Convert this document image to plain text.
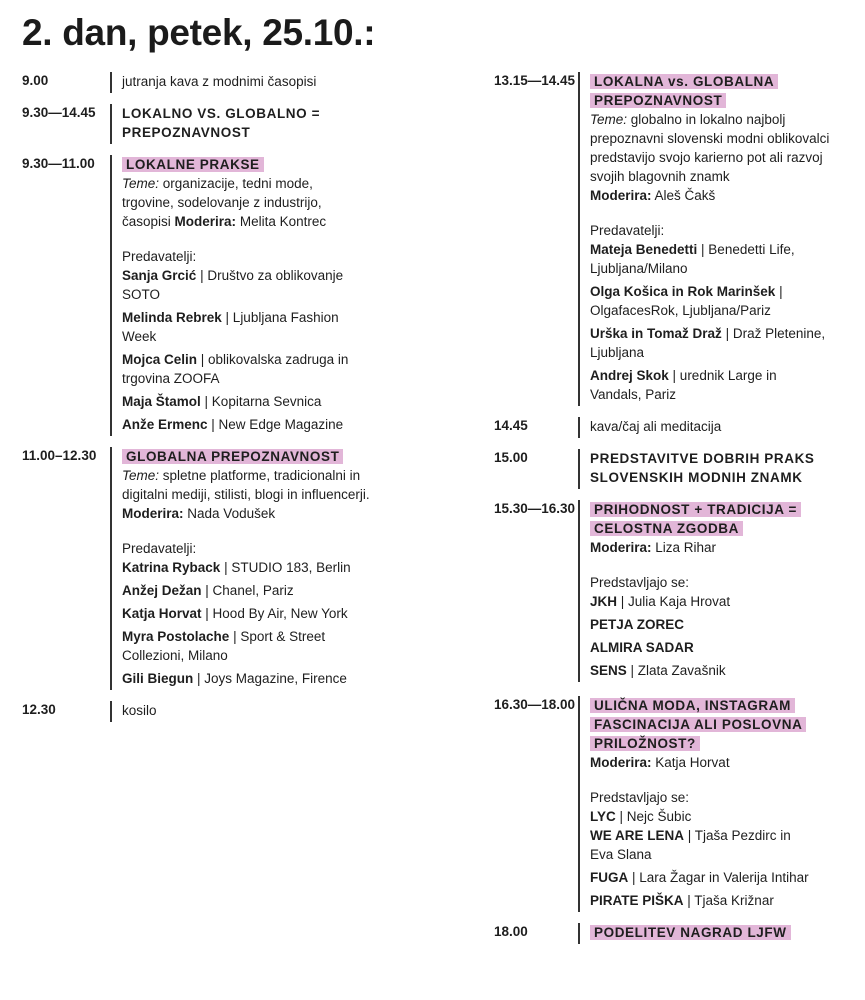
2. dan, petek, 25.10.:
9.00	jutranja kava z modnimi časopisi
9.30—14.45 LOKALNO VS. GLOBALNO = PREPOZNAVNOST
9.30—11.00	LOKALNE PRAKSE
Teme: organizacije, tedni mode, trgovine, sodelovanje z industrijo, časopisi Moderira: Melita Kontrec
Predavatelji:
Sanja Grcić | Društvo za oblikovanje SOTO
Melinda Rebrek | Ljubljana Fashion Week
Mojca Celin | oblikovalska zadruga in trgovina ZOOFA
Maja Štamol | Kopitarna Sevnica
Anže Ermenc | New Edge Magazine
11.00–12.30	GLOBALNA PREPOZNAVNOST
Teme: spletne platforme, tradicionalni in digitalni mediji, stilisti, blogi in influencerji.
Moderira: Nada Vodušek
Predavatelji:
Katrina Ryback | STUDIO 183, Berlin
Anžej Dežan | Chanel, Pariz
Katja Horvat | Hood By Air, New York
Myra Postolache | Sport & Street Collezioni, Milano
Gili Biegun | Joys Magazine, Firence
12.30	kosilo
13.15—14.45	LOKALNA vs. GLOBALNA PREPOZNAVNOST
Teme: globalno in lokalno najbolj prepoznavni slovenski modni oblikovalci predstavijo svojo karierno pot ali razvoj svojih blagovnih znamk
Moderira: Aleš Čakš
Predavatelji:
Mateja Benedetti | Benedetti Life, Ljubljana/Milano
Olga Košica in Rok Marinšek | OlgafacesRok, Ljubljana/Pariz
Urška in Tomaž Draž | Draž Pletenine, Ljubljana
Andrej Skok | urednik Large in Vandals, Pariz
14.45	kava/čaj ali meditacija
15.00	PREDSTAVITVE DOBRIH PRAKS SLOVENSKIH MODNIH ZNAMK
15.30—16.30	PRIHODNOST + TRADICIJA = CELOSTNA ZGODBA
Moderira: Liza Rihar
Predstavljajo se:
JKH | Julia Kaja Hrovat
PETJA ZOREC
ALMIRA SADAR
SENS | Zlata Zavašnik
16.30—18.00	ULIČNA MODA, INSTAGRAM FASCINACIJA ALI POSLOVNA PRILOŽNOST?
Moderira: Katja Horvat
Predstavljajo se:
LYC | Nejc Šubic
WE ARE LENA | Tjaša Pezdirc in Eva Slana
FUGA | Lara Žagar in Valerija Intihar
PIRATE PIŠKA | Tjaša Križnar
18.00	PODELITEV NAGRAD LJFW
